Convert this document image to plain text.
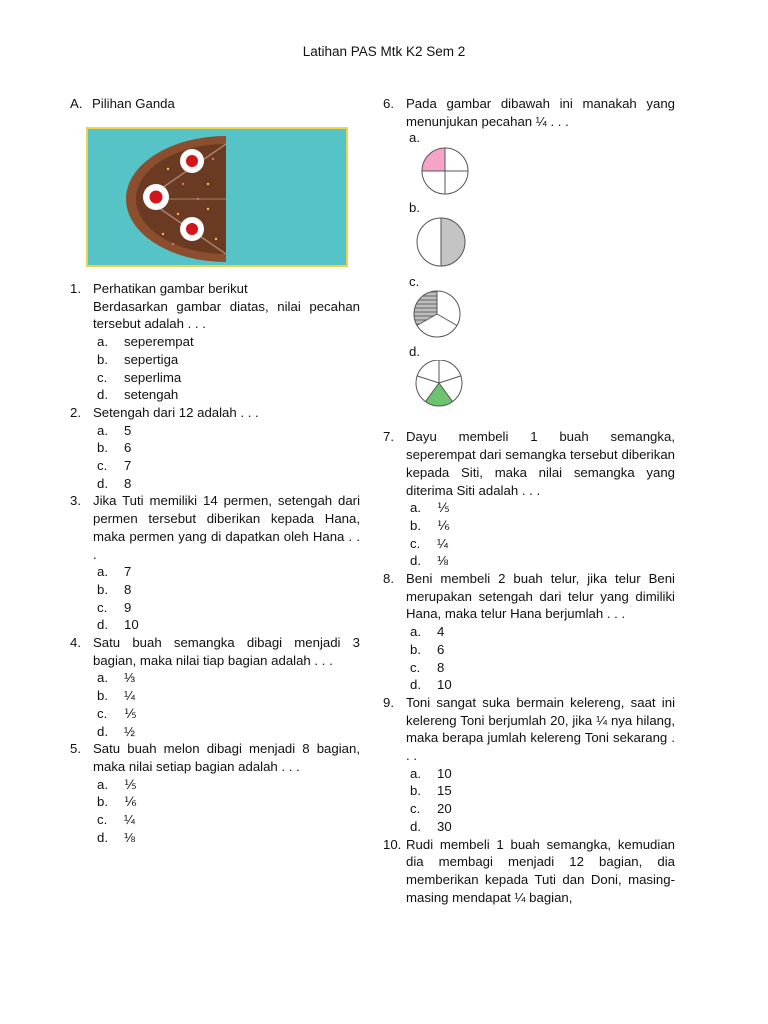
Latihan PAS Mtk K2 Sem 2
A. Pilihan Ganda
1. Perhatikan gambar berikut
Berdasarkan gambar diatas, nilai pecahan tersebut adalah . . .
a.	seperempat
b.	sepertiga
c.	seperlima
d.	setengah
2. Setengah dari 12 adalah . . .
a.	5
b.	6
c.	7
d.	8
3. Jika Tuti memiliki 14 permen, setengah dari permen tersebut diberikan kepada Hana, maka permen yang di dapatkan oleh Hana . . .
a.	7
b.	8
c.	9
d.	10
4. Satu buah semangka dibagi menjadi 3 bagian, maka nilai tiap bagian adalah . . .
a.	⅓
b.	¼
c.	⅕
d.	½
5. Satu buah melon dibagi menjadi 8 bagian, maka nilai setiap bagian adalah . . .
a.	⅕
b.	⅙
c.	¼
d.	⅛
6. Pada gambar dibawah ini manakah yang menunjukan pecahan ¼ . . .
a.
b.
c.
d.
7. Dayu membeli 1 buah semangka, seperempat dari semangka tersebut diberikan kepada Siti, maka nilai semangka yang diterima Siti adalah . . .
a.	⅕
b.	⅙
c.	¼
d.	⅛
8. Beni membeli 2 buah telur, jika telur Beni merupakan setengah dari telur yang dimiliki Hana, maka telur Hana berjumlah . . .
a.	4
b.	6
c.	8
d.	10
9. Toni sangat suka bermain kelereng, saat ini kelereng Toni berjumlah 20, jika ¼ nya hilang, maka berapa jumlah kelereng Toni sekarang . . .
a.	10
b.	15
c.	20
d.	30
10. Rudi membeli 1 buah semangka, kemudian dia membagi menjadi 12 bagian, dia memberikan kepada Tuti dan Doni, masing-masing mendapat ¼ bagian,
